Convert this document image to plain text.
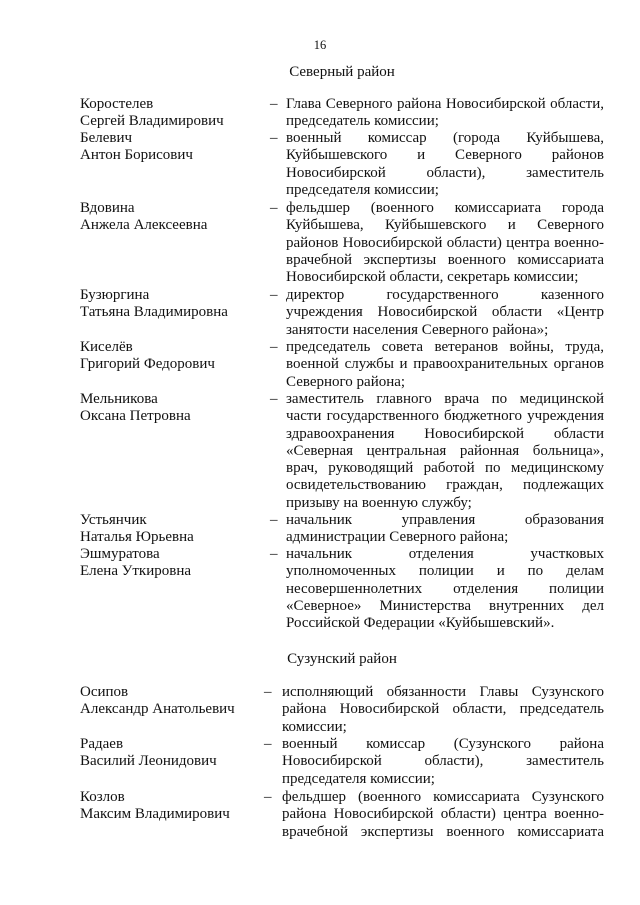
16
Северный район
Коростелев
Сергей Владимирович
– Глава Северного района Новосибирской области, председатель комиссии;
Белевич
Антон Борисович
– военный комиссар (города Куйбышева, Куйбышевского и Северного районов Новосибирской области), заместитель председателя комиссии;
Вдовина
Анжела Алексеевна
– фельдшер (военного комиссариата города Куйбышева, Куйбышевского и Северного районов Новосибирской области) центра военно-врачебной экспертизы военного комиссариата Новосибирской области, секретарь комиссии;
Бузюргина
Татьяна Владимировна
– директор государственного казенного учреждения Новосибирской области «Центр занятости населения Северного района»;
Киселёв
Григорий Федорович
– председатель совета ветеранов войны, труда, военной службы и правоохранительных органов Северного района;
Мельникова
Оксана Петровна
– заместитель главного врача по медицинской части государственного бюджетного учреждения здравоохранения Новосибирской области «Северная центральная районная больница», врач, руководящий работой по медицинскому освидетельствованию граждан, подлежащих призыву на военную службу;
Устьянчик
Наталья Юрьевна
– начальник управления образования администрации Северного района;
Эшмуратова
Елена Уткировна
– начальник отделения участковых уполномоченных полиции и по делам несовершеннолетних отделения полиции «Северное» Министерства внутренних дел Российской Федерации «Куйбышевский».
Сузунский район
Осипов
Александр Анатольевич
– исполняющий обязанности Главы Сузунского района Новосибирской области, председатель комиссии;
Радаев
Василий Леонидович
– военный комиссар (Сузунского района Новосибирской области), заместитель председателя комиссии;
Козлов
Максим Владимирович
– фельдшер (военного комиссариата Сузунского района Новосибирской области) центра военно-врачебной экспертизы военного комиссариата
